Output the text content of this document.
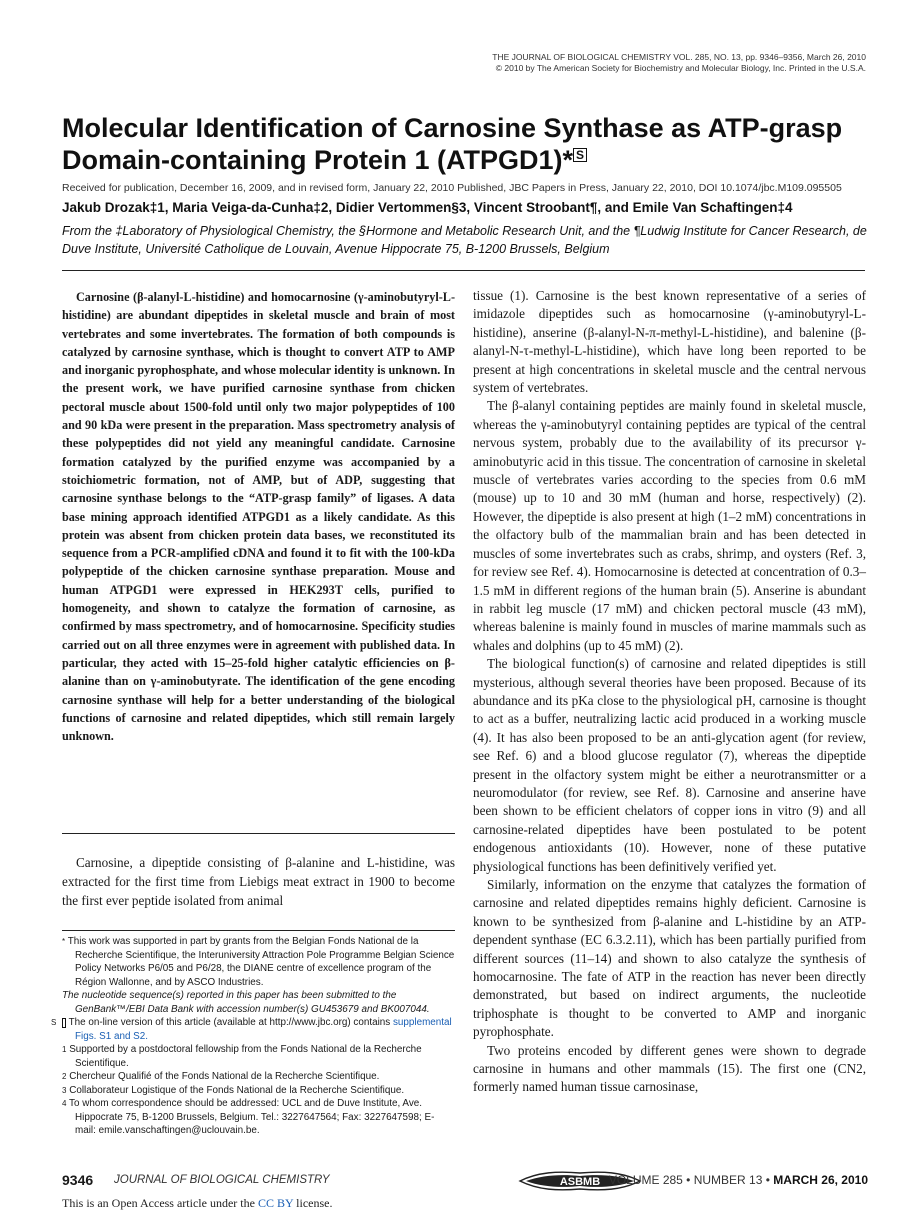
THE JOURNAL OF BIOLOGICAL CHEMISTRY VOL. 285, NO. 13, pp. 9346–9356, March 26, 2010
© 2010 by The American Society for Biochemistry and Molecular Biology, Inc. Printed in the U.S.A.
Molecular Identification of Carnosine Synthase as ATP-grasp Domain-containing Protein 1 (ATPGD1)* S
Received for publication, December 16, 2009, and in revised form, January 22, 2010 Published, JBC Papers in Press, January 22, 2010, DOI 10.1074/jbc.M109.095505
Jakub Drozak‡1, Maria Veiga-da-Cunha‡2, Didier Vertommen§3, Vincent Stroobant¶, and Emile Van Schaftingen‡4
From the ‡Laboratory of Physiological Chemistry, the §Hormone and Metabolic Research Unit, and the ¶Ludwig Institute for Cancer Research, de Duve Institute, Université Catholique de Louvain, Avenue Hippocrate 75, B-1200 Brussels, Belgium

Carnosine (β-alanyl-L-histidine) and homocarnosine (γ-aminobutyryl-L-histidine) are abundant dipeptides in skeletal muscle and brain of most vertebrates and some invertebrates. The formation of both compounds is catalyzed by carnosine synthase, which is thought to convert ATP to AMP and inorganic pyrophosphate, and whose molecular identity is unknown. In the present work, we have purified carnosine synthase from chicken pectoral muscle about 1500-fold until only two major polypeptides of 100 and 90 kDa were present in the preparation. Mass spectrometry analysis of these polypeptides did not yield any meaningful candidate. Carnosine formation catalyzed by the purified enzyme was accompanied by a stoichiometric formation, not of AMP, but of ADP, suggesting that carnosine synthase belongs to the “ATP-grasp family” of ligases. A data base mining approach identified ATPGD1 as a likely candidate. As this protein was absent from chicken protein data bases, we reconstituted its sequence from a PCR-amplified cDNA and found it to fit with the 100-kDa polypeptide of the chicken carnosine synthase preparation. Mouse and human ATPGD1 were expressed in HEK293T cells, purified to homogeneity, and shown to catalyze the formation of carnosine, as confirmed by mass spectrometry, and of homocarnosine. Specificity studies carried out on all three enzymes were in agreement with published data. In particular, they acted with 15–25-fold higher catalytic efficiencies on β-alanine than on γ-aminobutyrate. The identification of the gene encoding carnosine synthase will help for a better understanding of the biological functions of carnosine and related dipeptides, which still remain largely unknown.

Carnosine, a dipeptide consisting of β-alanine and L-histidine, was extracted for the first time from Liebigs meat extract in 1900 to become the first ever peptide isolated from animal

* This work was supported in part by grants from the Belgian Fonds National de la Recherche Scientifique, the Interuniversity Attraction Pole Programme Belgian Science Policy Networks P6/05 and P6/28, the DIANE centre of excellence program of the Région Wallonne, and by ASCO Industries.

The nucleotide sequence(s) reported in this paper has been submitted to the GenBank™/EBI Data Bank with accession number(s) GU453679 and BK007044.

S The on-line version of this article (available at http://www.jbc.org) contains supplemental Figs. S1 and S2.

1 Supported by a postdoctoral fellowship from the Fonds National de la Recherche Scientifique.

2 Chercheur Qualifié of the Fonds National de la Recherche Scientifique.

3 Collaborateur Logistique of the Fonds National de la Recherche Scientifique.

4 To whom correspondence should be addressed: UCL and de Duve Institute, Ave. Hippocrate 75, B-1200 Brussels, Belgium. Tel.: 3227647564; Fax: 3227647598; E-mail: emile.vanschaftingen@uclouvain.be.

tissue (1). Carnosine is the best known representative of a series of imidazole dipeptides such as homocarnosine (γ-aminobutyryl-L-histidine), anserine (β-alanyl-N-π-methyl-L-histidine), and balenine (β-alanyl-N-τ-methyl-L-histidine), which have long been reported to be present at high concentrations in skeletal muscle and the central nervous system of vertebrates.

The β-alanyl containing peptides are mainly found in skeletal muscle, whereas the γ-aminobutyryl containing peptides are typical of the central nervous system, probably due to the availability of its precursor γ-aminobutyric acid in this tissue. The concentration of carnosine in skeletal muscle of vertebrates varies according to the species from 0.6 mM (mouse) up to 10 and 30 mM (human and horse, respectively) (2). However, the dipeptide is also present at high (1–2 mM) concentrations in the olfactory bulb of the mammalian brain and has been detected in muscles of some invertebrates such as crabs, shrimp, and oysters (Ref. 3, for review see Ref. 4). Homocarnosine is detected at concentration of 0.3–1.5 mM in different regions of the human brain (5). Anserine is abundant in rabbit leg muscle (17 mM) and chicken pectoral muscle (43 mM), whereas balenine is mainly found in muscles of marine mammals such as whales and dolphins (up to 45 mM) (2).

The biological function(s) of carnosine and related dipeptides is still mysterious, although several theories have been proposed. Because of its abundance and its pKa close to the physiological pH, carnosine is thought to act as a buffer, neutralizing lactic acid produced in a working muscle (4). It has also been proposed to be an anti-glycation agent (for review, see Ref. 6) and a blood glucose regulator (7), whereas the dipeptide present in the olfactory system might be either a neurotransmitter or a neuromodulator (for review, see Ref. 8). Carnosine and anserine have been shown to be efficient chelators of copper ions in vitro (9) and all carnosine-related dipeptides have been postulated to be potent endogenous antioxidants (10). However, none of these putative physiological functions has been definitively verified yet.

Similarly, information on the enzyme that catalyzes the formation of carnosine and related dipeptides remains highly deficient. Carnosine is known to be synthesized from β-alanine and L-histidine by an ATP-dependent synthase (EC 6.3.2.11), which has been partially purified from different sources (11–14) and shown to also catalyze the synthesis of homocarnosine. The fate of ATP in the reaction has never been directly demonstrated, but based on indirect arguments, the nucleotide triphosphate is thought to be converted to AMP and inorganic pyrophosphate.

Two proteins encoded by different genes were shown to degrade carnosine in humans and other mammals (15). The first one (CN2, formerly named human tissue carnosinase,

9346 JOURNAL OF BIOLOGICAL CHEMISTRY	ASBMB VOLUME 285 • NUMBER 13 • MARCH 26, 2010
This is an Open Access article under the CC BY license.
